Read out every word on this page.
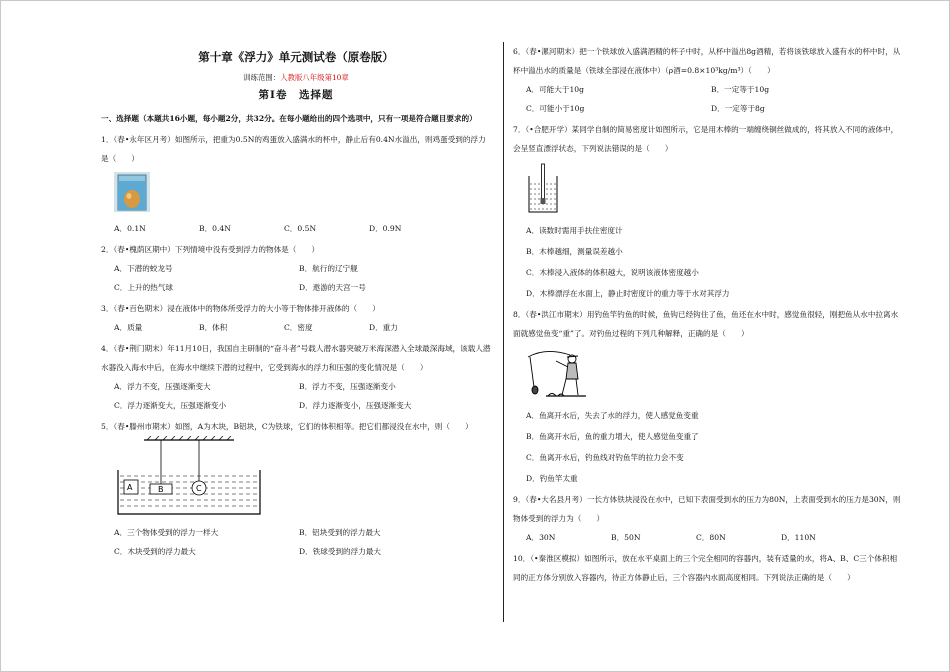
第十章《浮力》单元测试卷（原卷版）
训练范围：人教版八年级第10章
第Ⅰ卷　选择题
一、选择题（本题共16小题，每小题2分，共32分。在每小题给出的四个选项中，只有一项是符合题目要求的）
1．（春•永年区月考）如图所示，把重为0.5N的鸡蛋放入盛满水的杯中，静止后有0.4N水溢出，则鸡蛋受到的浮力是（　　）
A．0.1N	B．0.4N	C．0.5N	D．0.9N
2．（春•槐荫区期中）下列情境中没有受到浮力的物体是（　　）
A．下潜的蛟龙号	B．航行的辽宁舰
C．上升的热气球	D．遨游的天宫一号
3．（春•百色期末）浸在液体中的物体所受浮力的大小等于物体排开液体的（　　）
A．质量	B．体积	C．密度	D．重力
4．（春•荆门期末）年11月10日，我国自主研制的“奋斗者”号载人潜水器突破万米海深潜入全球最深海域，该载人潜水器没入海水中后，在海水中继续下潜的过程中，它受到海水的浮力和压强的变化情况是（　　）
A．浮力不变，压强逐渐变大	B．浮力不变，压强逐渐变小
C．浮力逐渐变大，压强逐渐变小	D．浮力逐渐变小，压强逐渐变大
5．（春•滕州市期末）如图，A为木块，B铝块，C为铁球，它们的体积相等。把它们都浸没在水中，则（　　）
A	B	C
A．三个物体受到的浮力一样大	B．铝块受到的浮力最大
C．木块受到的浮力最大	D．铁球受到的浮力最大
6．（春•漯河期末）把一个铁球放入盛满酒精的杯子中时，从杯中溢出8g酒精，若将该铁球放入盛有水的杯中时，从杯中溢出水的质量是（铁球全部浸在液体中）（ρ酒=0.8×10³kg/m³）（　　）
A．可能大于10g	B．一定等于10g
C．可能小于10g	D．一定等于8g
7．（•合肥开学）某同学自制的简易密度计如图所示，它是用木棒的一端缠绕铜丝做成的，将其放入不同的液体中，会呈竖直漂浮状态，下列说法错误的是（　　）
A．读数时需用手扶住密度计
B．木棒越细，测量误差越小
C．木棒浸入液体的体积越大，说明该液体密度越小
D．木棒漂浮在水面上，静止时密度计的重力等于水对其浮力
8．（春•洪江市期末）用钓鱼竿钓鱼的时候，鱼钩已经钩住了鱼，鱼还在水中时，感觉鱼很轻，刚把鱼从水中拉离水面就感觉鱼变“重”了。对钓鱼过程的下列几种解释，正确的是（　　）
A．鱼离开水后，失去了水的浮力，使人感觉鱼变重
B．鱼离开水后，鱼的重力增大，使人感觉鱼变重了
C．鱼离开水后，钓鱼线对钓鱼竿的拉力会不变
D．钓鱼竿太重
9．（春•大名县月考）一长方体铁块浸没在水中，已知下表面受到水的压力为80N，上表面受到水的压力是30N，则物体受到的浮力为（　　）
A．30N	B．50N	C．80N	D．110N
10．（•秦淮区模拟）如图所示，放在水平桌面上的三个完全相同的容器内，装有适量的水，将A、B、C三个体积相同的正方体分别放入容器内，待正方体静止后，三个容器内水面高度相同。下列说法正确的是（　　）
